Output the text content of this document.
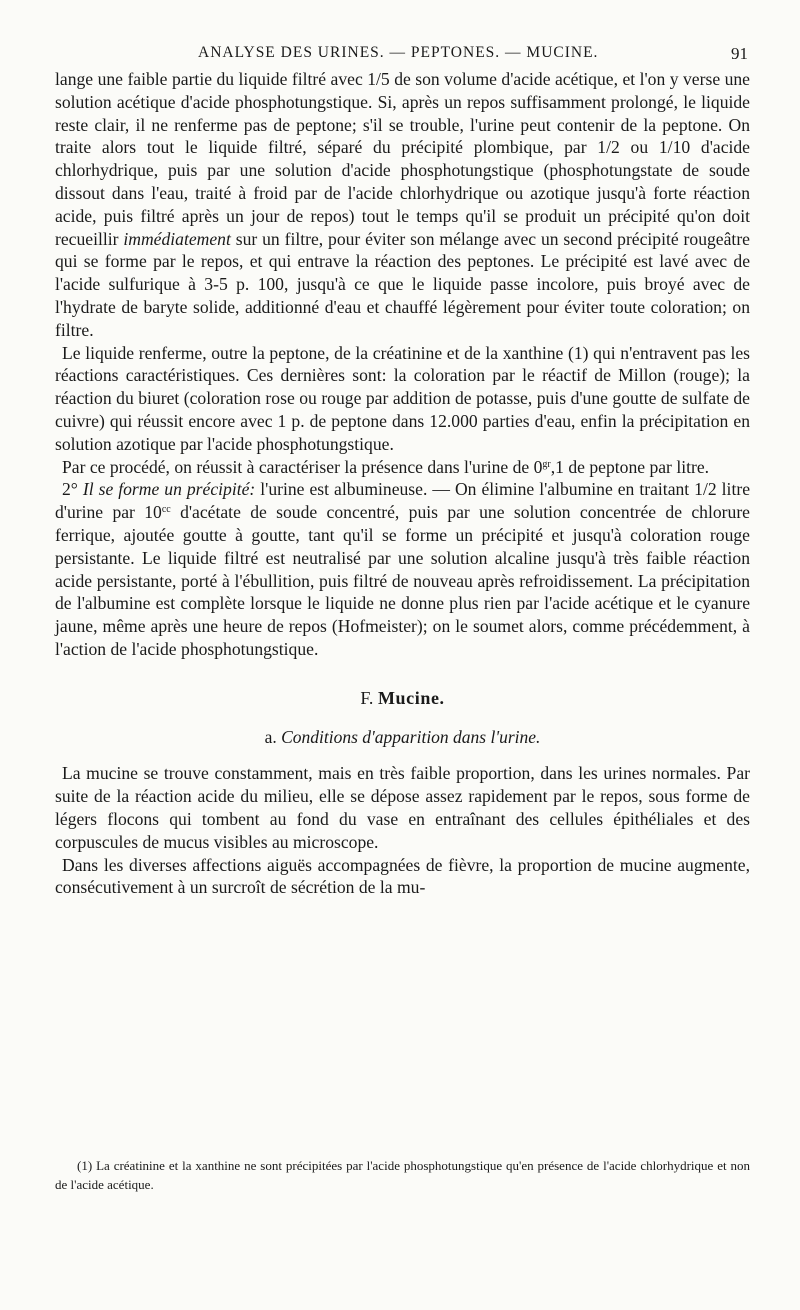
ANALYSE DES URINES. — PEPTONES. — MUCINE.	91

lange une faible partie du liquide filtré avec 1/5 de son volume d'acide acétique, et l'on y verse une solution acétique d'acide phosphotungstique. Si, après un repos suffisamment prolongé, le liquide reste clair, il ne renferme pas de peptone; s'il se trouble, l'urine peut contenir de la peptone. On traite alors tout le liquide filtré, séparé du précipité plombique, par 1/2 ou 1/10 d'acide chlorhydrique, puis par une solution d'acide phosphotungstique (phosphotungstate de soude dissout dans l'eau, traité à froid par de l'acide chlorhydrique ou azotique jusqu'à forte réaction acide, puis filtré après un jour de repos) tout le temps qu'il se produit un précipité qu'on doit recueillir immédiatement sur un filtre, pour éviter son mélange avec un second précipité rougeâtre qui se forme par le repos, et qui entrave la réaction des peptones. Le précipité est lavé avec de l'acide sulfurique à 3-5 p. 100, jusqu'à ce que le liquide passe incolore, puis broyé avec de l'hydrate de baryte solide, additionné d'eau et chauffé légèrement pour éviter toute coloration; on filtre.

Le liquide renferme, outre la peptone, de la créatinine et de la xanthine (1) qui n'entravent pas les réactions caractéristiques. Ces dernières sont: la coloration par le réactif de Millon (rouge); la réaction du biuret (coloration rose ou rouge par addition de potasse, puis d'une goutte de sulfate de cuivre) qui réussit encore avec 1 p. de peptone dans 12.000 parties d'eau, enfin la précipitation en solution azotique par l'acide phosphotungstique.

Par ce procédé, on réussit à caractériser la présence dans l'urine de $0^{gr},1$ de peptone par litre.

2° Il se forme un précipité: l'urine est albumineuse. — On élimine l'albumine en traitant 1/2 litre d'urine par $10^{cc}$ d'acétate de soude concentré, puis par une solution concentrée de chlorure ferrique, ajoutée goutte à goutte, tant qu'il se forme un précipité et jusqu'à coloration rouge persistante. Le liquide filtré est neutralisé par une solution alcaline jusqu'à très faible réaction acide persistante, porté à l'ébullition, puis filtré de nouveau après refroidissement. La précipitation de l'albumine est complète lorsque le liquide ne donne plus rien par l'acide acétique et le cyanure jaune, même après une heure de repos (Hofmeister); on le soumet alors, comme précédemment, à l'action de l'acide phosphotungstique.

F. Mucine.
a. Conditions d'apparition dans l'urine.

La mucine se trouve constamment, mais en très faible proportion, dans les urines normales. Par suite de la réaction acide du milieu, elle se dépose assez rapidement par le repos, sous forme de légers flocons qui tombent au fond du vase en entraînant des cellules épithéliales et des corpuscules de mucus visibles au microscope.

Dans les diverses affections aiguës accompagnées de fièvre, la proportion de mucine augmente, consécutivement à un surcroît de sécrétion de la mu-

(1) La créatinine et la xanthine ne sont précipitées par l'acide phosphotungstique qu'en présence de l'acide chlorhydrique et non de l'acide acétique.
